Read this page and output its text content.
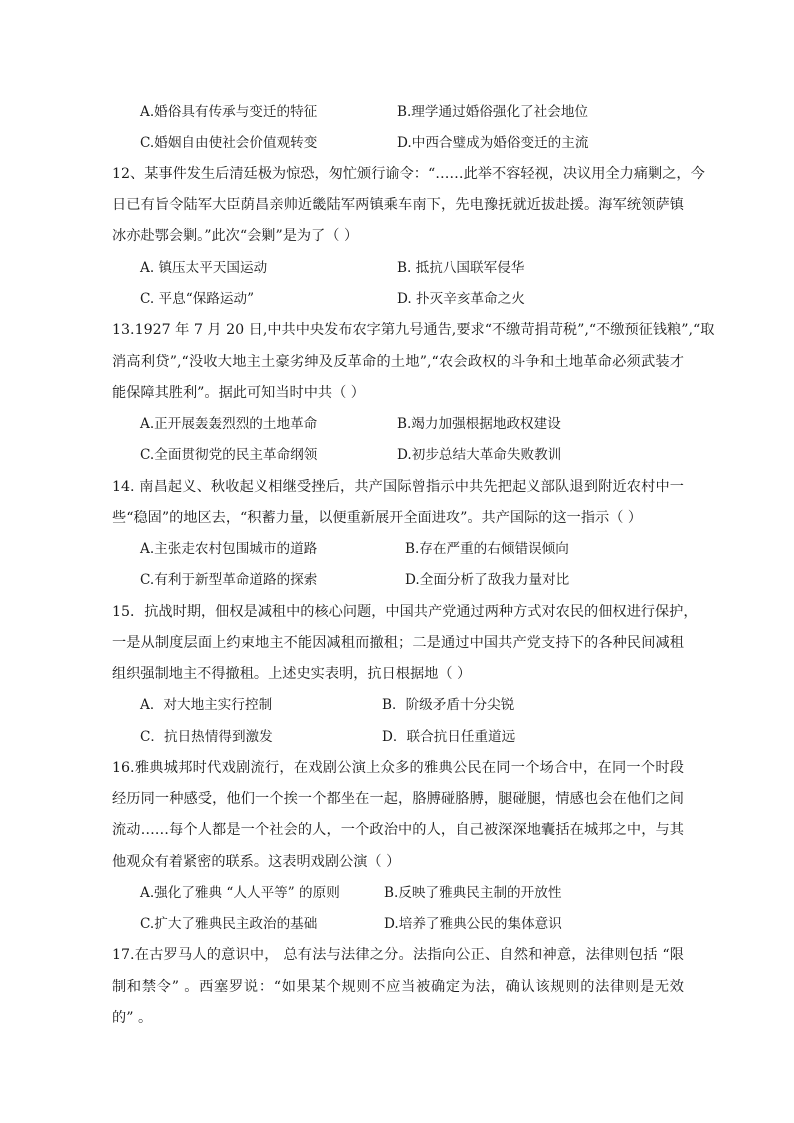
A.婚俗具有传承与变迁的特征	B.理学通过婚俗强化了社会地位
C.婚姻自由使社会价值观转变	D.中西合璧成为婚俗变迁的主流
12、某事件发生后清廷极为惊恐，匆忙颁行谕令：“……此举不容轻视，决议用全力痛剿之，今
日已有旨令陆军大臣荫昌亲帅近畿陆军两镇乘车南下，先电豫抚就近拔赴援。海军统领萨镇
冰亦赴鄂会剿。”此次“会剿”是为了（ ）
A. 镇压太平天国运动	B. 抵抗八国联军侵华
C. 平息“保路运动”	D. 扑灭辛亥革命之火
13.1927 年 7 月 20 日,中共中央发布农字第九号通告,要求“不缴苛捐苛税”,“不缴预征钱粮”,“取
消高利贷”,“没收大地主土豪劣绅及反革命的土地”,“农会政权的斗争和土地革命必须武装才
能保障其胜利”。据此可知当时中共（ ）
A.正开展轰轰烈烈的土地革命	B.竭力加强根据地政权建设
C.全面贯彻党的民主革命纲领	D.初步总结大革命失败教训
14. 南昌起义、秋收起义相继受挫后，共产国际曾指示中共先把起义部队退到附近农村中一
些“稳固”的地区去，“积蓄力量，以便重新展开全面进攻”。共产国际的这一指示（ ）
A.主张走农村包围城市的道路	B.存在严重的右倾错误倾向
C.有利于新型革命道路的探索	D.全面分析了敌我力量对比
15．抗战时期，佃权是减租中的核心问题，中国共产党通过两种方式对农民的佃权进行保护，
一是从制度层面上约束地主不能因减租而撤租；二是通过中国共产党支持下的各种民间减租
组织强制地主不得撤租。上述史实表明，抗日根据地（ ）
A．对大地主实行控制	B．阶级矛盾十分尖锐
C．抗日热情得到激发	D．联合抗日任重道远
16.雅典城邦时代戏剧流行，在戏剧公演上众多的雅典公民在同一个场合中，在同一个时段
经历同一种感受，他们一个挨一个都坐在一起，胳膊碰胳膊，腿碰腿，情感也会在他们之间
流动……每个人都是一个社会的人，一个政治中的人，自己被深深地囊括在城邦之中，与其
他观众有着紧密的联系。这表明戏剧公演（ ）
A.强化了雅典 “人人平等” 的原则	B.反映了雅典民主制的开放性
C.扩大了雅典民主政治的基础	D.培养了雅典公民的集体意识
17.在古罗马人的意识中， 总有法与法律之分。法指向公正、自然和神意，法律则包括 “限
制和禁令” 。西塞罗说：“如果某个规则不应当被确定为法，确认该规则的法律则是无效
的” 。
